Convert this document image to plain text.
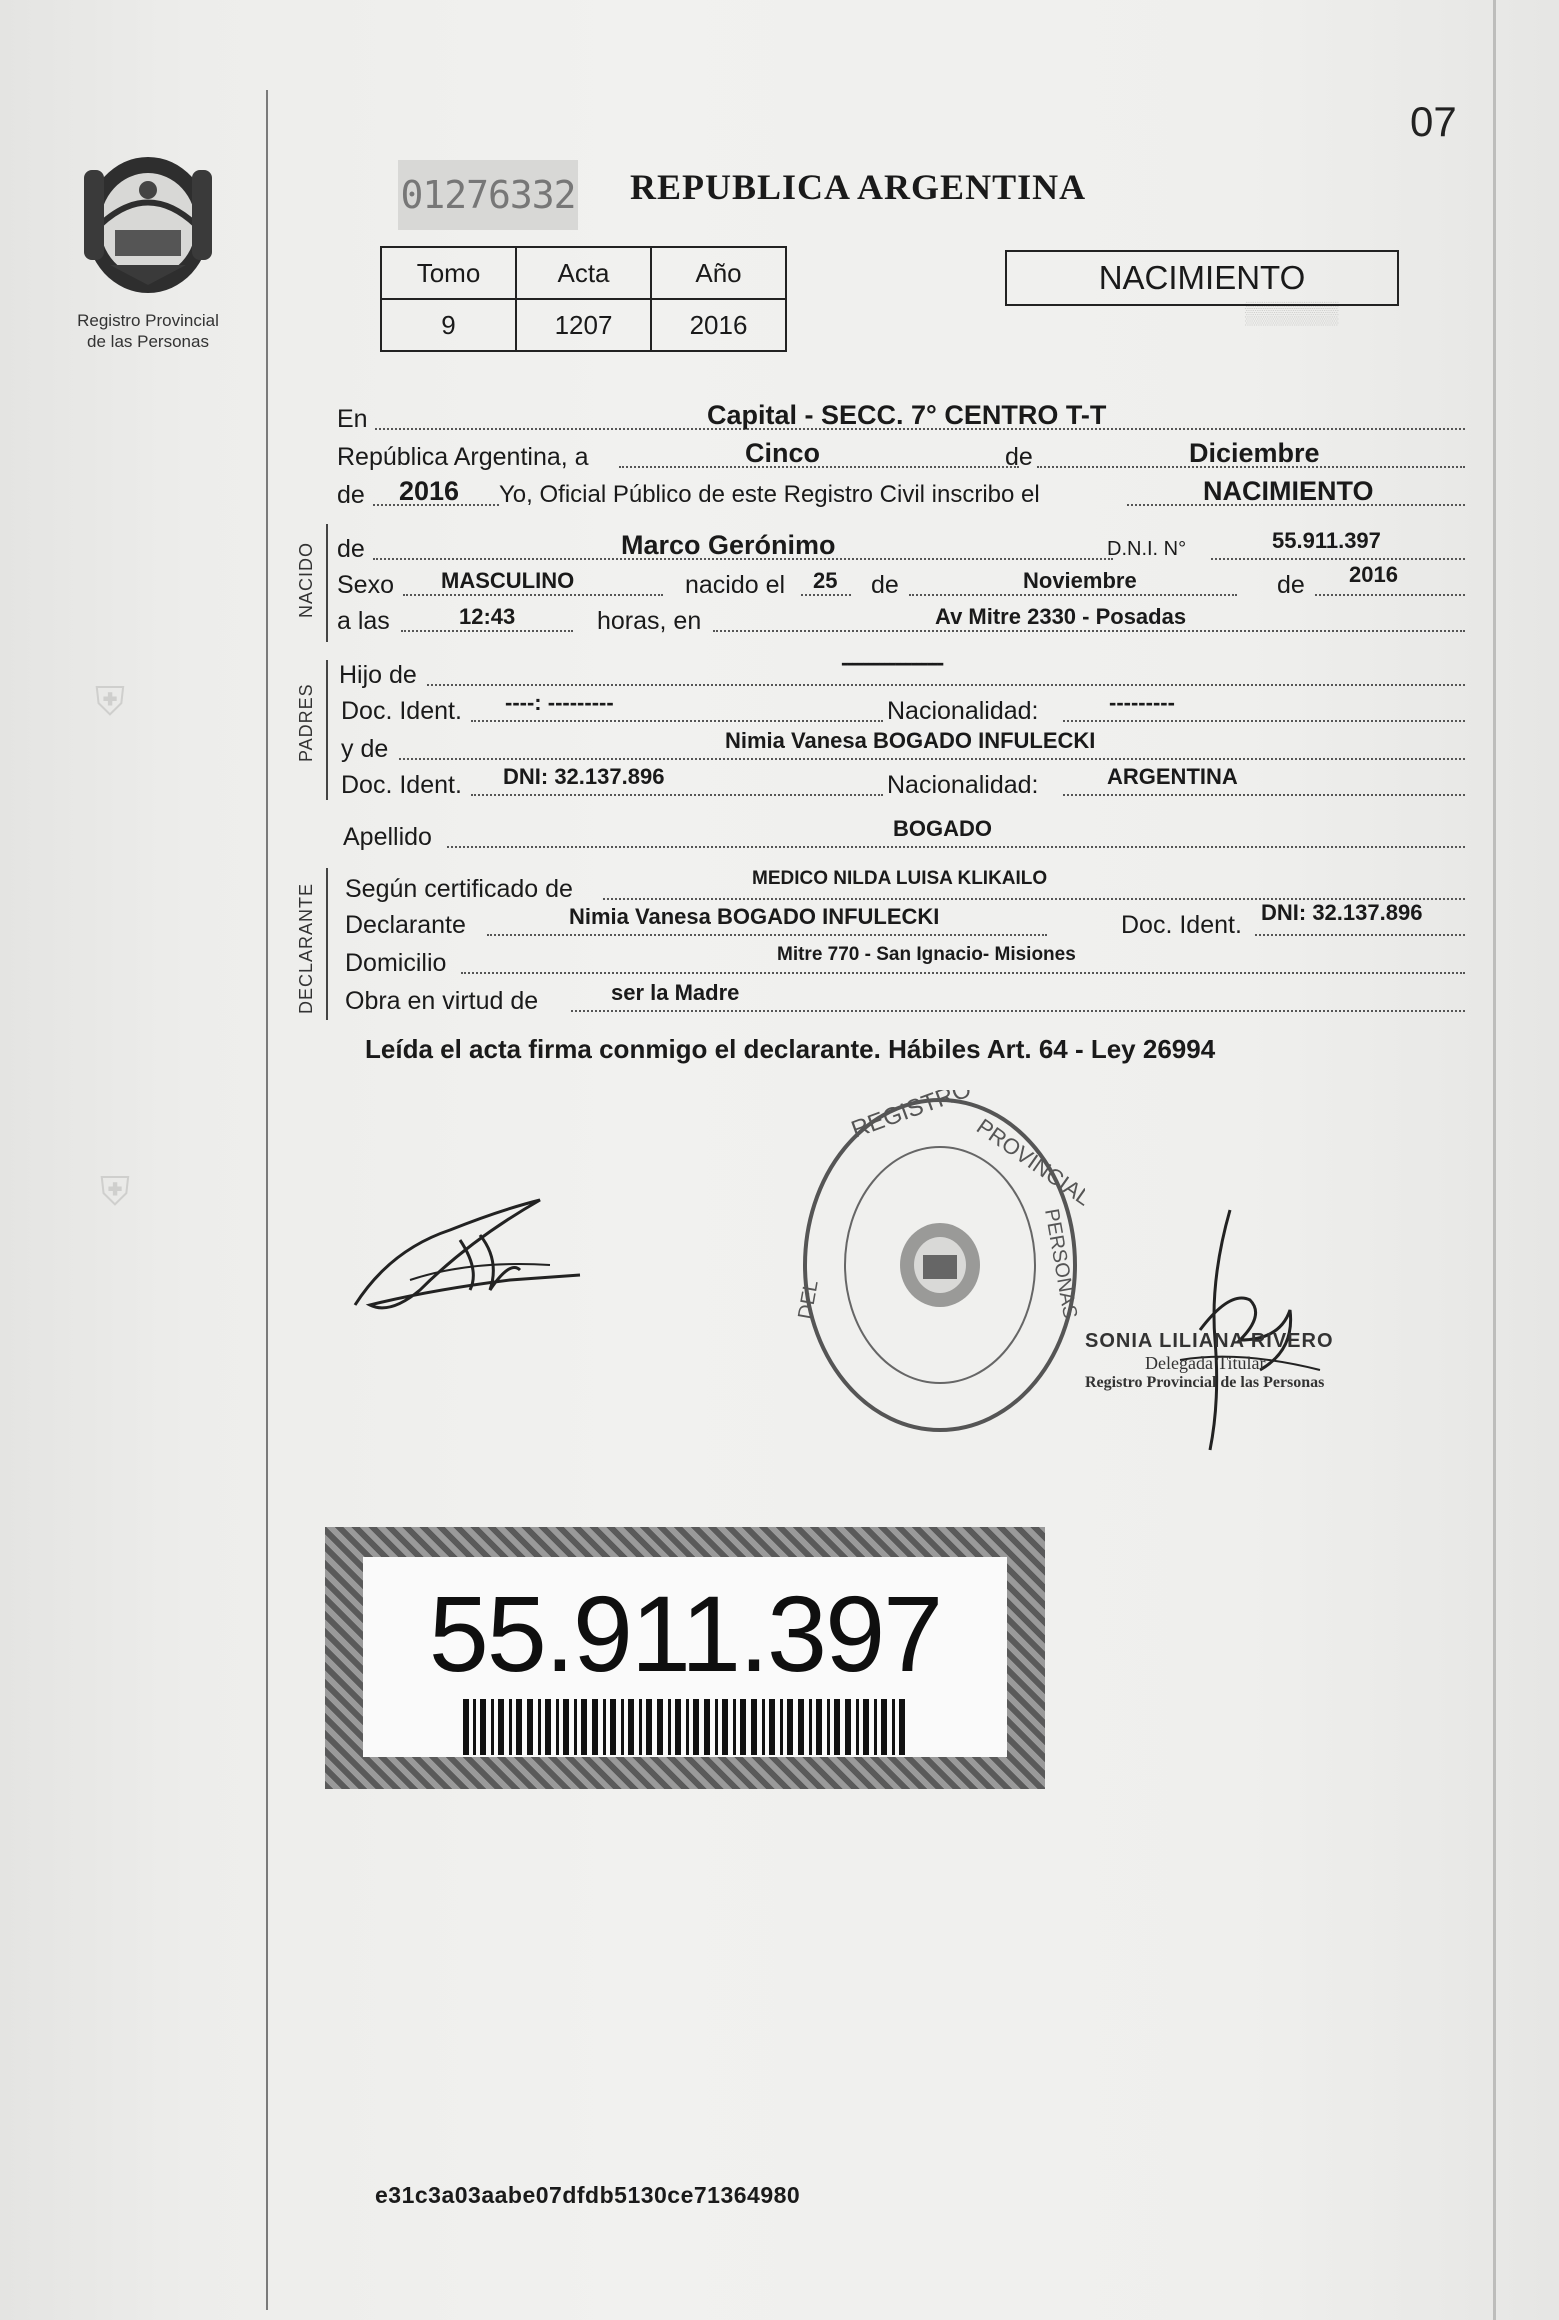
▒▒▒▒▒▒
⛨
⛨
07
Registro Provincial
de las Personas
01276332 REPUBLICA ARGENTINA
Tomo	Acta	Año
9	1207	2016
NACIMIENTO
En	Capital - SECC. 7° CENTRO T-T
República Argentina, a	Cinco	de	Diciembre
de 2016 Yo, Oficial Público de este Registro Civil inscribo el	NACIMIENTO
NACIDO de	Marco Gerónimo	D.N.I. N°	55.911.397
Sexo MASCULINO	nacido el 25 de	Noviembre	de 2016
a las	12:43	horas, en	Av Mitre 2330 - Posadas
PADRES
Hijo de	-------------------
Doc. Ident. ----: ---------	Nacionalidad:	---------
y de	Nimia Vanesa BOGADO INFULECKI
Doc. Ident. DNI: 32.137.896	Nacionalidad:	ARGENTINA
Apellido	BOGADO
DECLARANTE Según certificado de	MEDICO NILDA LUISA KLIKAILO
Declarante	Nimia Vanesa BOGADO INFULECKI	Doc. Ident. DNI: 32.137.896
Domicilio	Mitre 770 - San Ignacio- Misiones
Obra en virtud de	ser la Madre
Leída el acta firma conmigo el declarante. Hábiles Art. 64 - Ley 26994
REGISTRO
PROVINCIAL
DEL	PERSONAS
SONIA LILIANA RIVERO
Delegada Titular
Registro Provincial de las Personas
55.911.397
e31c3a03aabe07dfdb5130ce71364980
